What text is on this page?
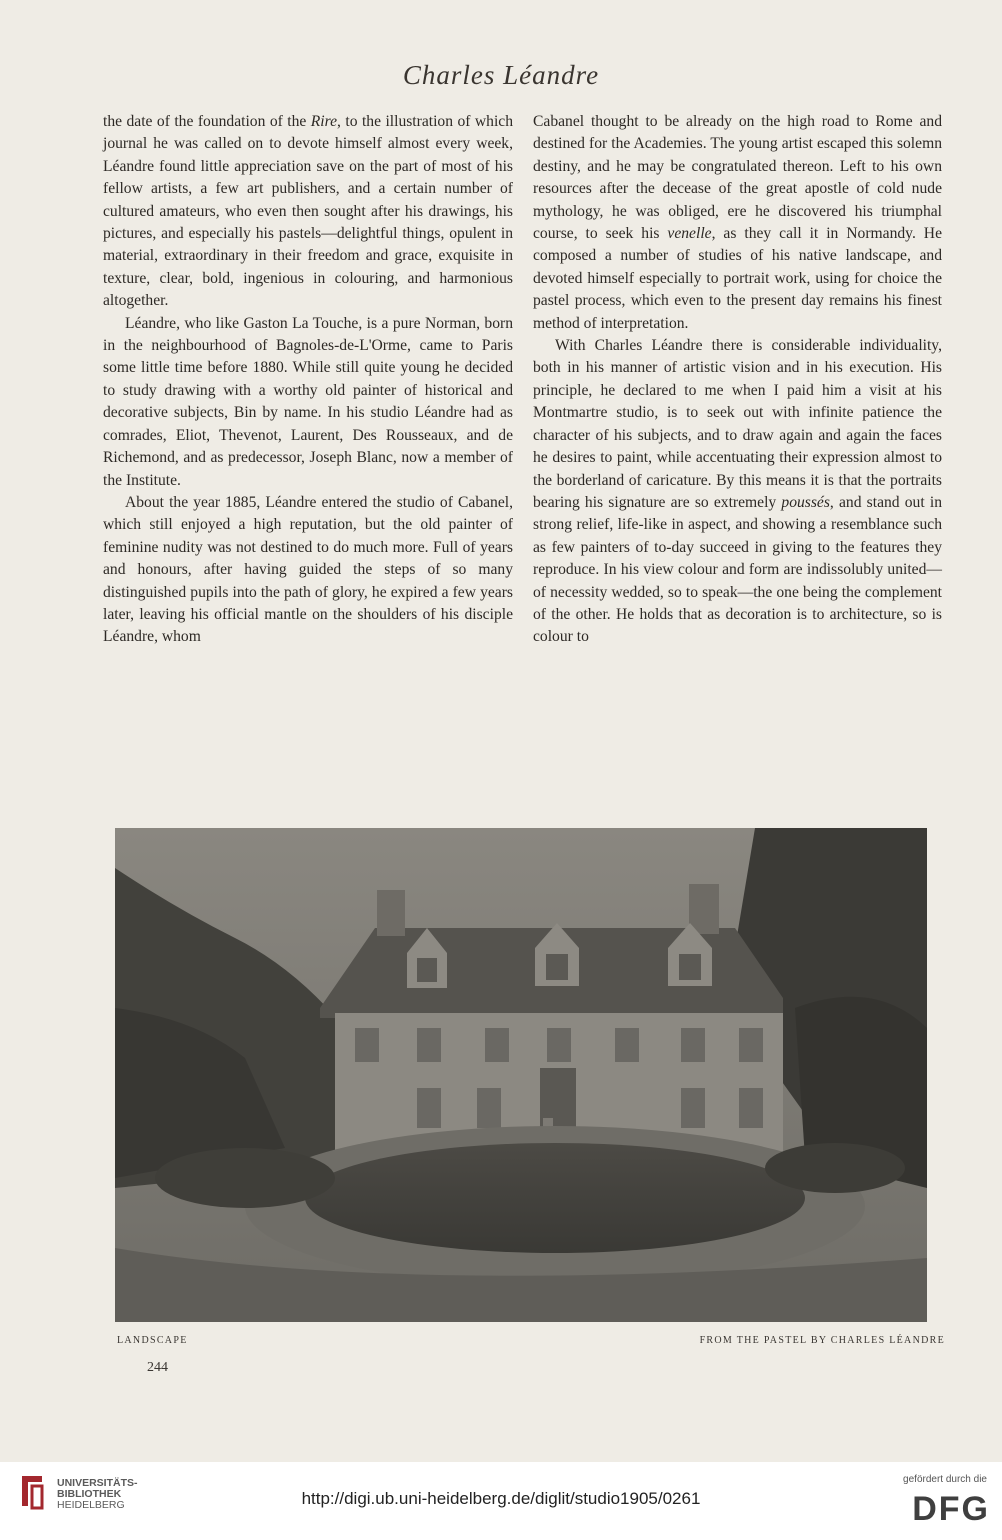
Charles Léandre

the date of the foundation of the Rire, to the illustration of which journal he was called on to devote himself almost every week, Léandre found little appreciation save on the part of most of his fellow artists, a few art publishers, and a certain number of cultured amateurs, who even then sought after his drawings, his pictures, and especially his pastels—delightful things, opulent in material, extraordinary in their freedom and grace, exquisite in texture, clear, bold, ingenious in colouring, and harmonious altogether.

Léandre, who like Gaston La Touche, is a pure Norman, born in the neighbourhood of Bagnoles-de-L'Orme, came to Paris some little time before 1880. While still quite young he decided to study drawing with a worthy old painter of historical and decorative subjects, Bin by name. In his studio Léandre had as comrades, Eliot, Thevenot, Laurent, Des Rousseaux, and de Richemond, and as predecessor, Joseph Blanc, now a member of the Institute.

About the year 1885, Léandre entered the studio of Cabanel, which still enjoyed a high reputation, but the old painter of feminine nudity was not destined to do much more. Full of years and honours, after having guided the steps of so many distinguished pupils into the path of glory, he expired a few years later, leaving his official mantle on the shoulders of his disciple Léandre, whom

Cabanel thought to be already on the high road to Rome and destined for the Academies. The young artist escaped this solemn destiny, and he may be congratulated thereon. Left to his own resources after the decease of the great apostle of cold nude mythology, he was obliged, ere he discovered his triumphal course, to seek his venelle, as they call it in Normandy. He composed a number of studies of his native landscape, and devoted himself especially to portrait work, using for choice the pastel process, which even to the present day remains his finest method of interpretation.

With Charles Léandre there is considerable individuality, both in his manner of artistic vision and in his execution. His principle, he declared to me when I paid him a visit at his Montmartre studio, is to seek out with infinite patience the character of his subjects, and to draw again and again the faces he desires to paint, while accentuating their expression almost to the borderland of caricature. By this means it is that the portraits bearing his signature are so extremely poussés, and stand out in strong relief, life-like in aspect, and showing a resemblance such as few painters of to-day succeed in giving to the features they reproduce. In his view colour and form are indissolubly united—of necessity wedded, so to speak—the one being the complement of the other. He holds that as decoration is to architecture, so is colour to

LANDSCAPE	FROM THE PASTEL BY CHARLES LÉANDRE
244
UNIVERSITÄTS-
BIBLIOTHEK
HEIDELBERG	http://digi.ub.uni-heidelberg.de/diglit/studio1905/0261
gefördert durch die
DFG
